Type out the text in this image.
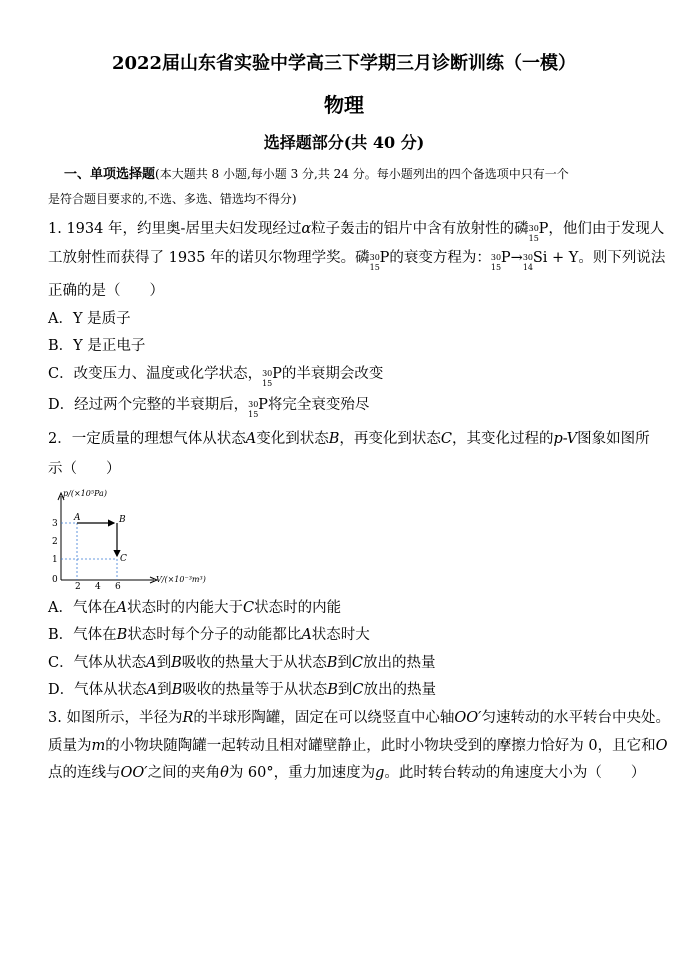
2022届山东省实验中学高三下学期三月诊断训练（一模）
物理
选择题部分(共 40 分)
一、单项选择题(本大题共 8 小题,每小题 3 分,共 24 分。每小题列出的四个备选项中只有一个
是符合题目要求的,不选、多选、错选均不得分)
1. 1934 年，约里奥-居里夫妇发现经过α粒子轰击的铝片中含有放射性的磷 30
15
P，他们由于发现人
工放射性而获得了 1935 年的诺贝尔物理学奖。磷 30
15
P的衰变方程为： 30
15
P→ 30
14
Si + Y。则下列说法
正确的是（　　）
A．Y 是质子
B．Y 是正电子
C．改变压力、温度或化学状态， 30
15
P的半衰期会改变
D．经过两个完整的半衰期后， 30
15
P将完全衰变殆尽
2．一定质量的理想气体从状态A变化到状态B，再变化到状态C，其变化过程的p-V图象如图所
示（　　）
p/(×10⁵Pa)
V/(×10⁻³m³)
3
2
1
0
2 4 6
A	B
C
A．气体在A状态时的内能大于C状态时的内能
B．气体在B状态时每个分子的动能都比A状态时大
C．气体从状态A到B吸收的热量大于从状态B到C放出的热量
D．气体从状态A到B吸收的热量等于从状态B到C放出的热量
3. 如图所示，半径为R的半球形陶罐，固定在可以绕竖直中心轴OO′匀速转动的水平转台中央处。
质量为m的小物块随陶罐一起转动且相对罐壁静止，此时小物块受到的摩擦力恰好为 0，且它和O
点的连线与OO′之间的夹角θ为 60°，重力加速度为g。此时转台转动的角速度大小为（　　）
